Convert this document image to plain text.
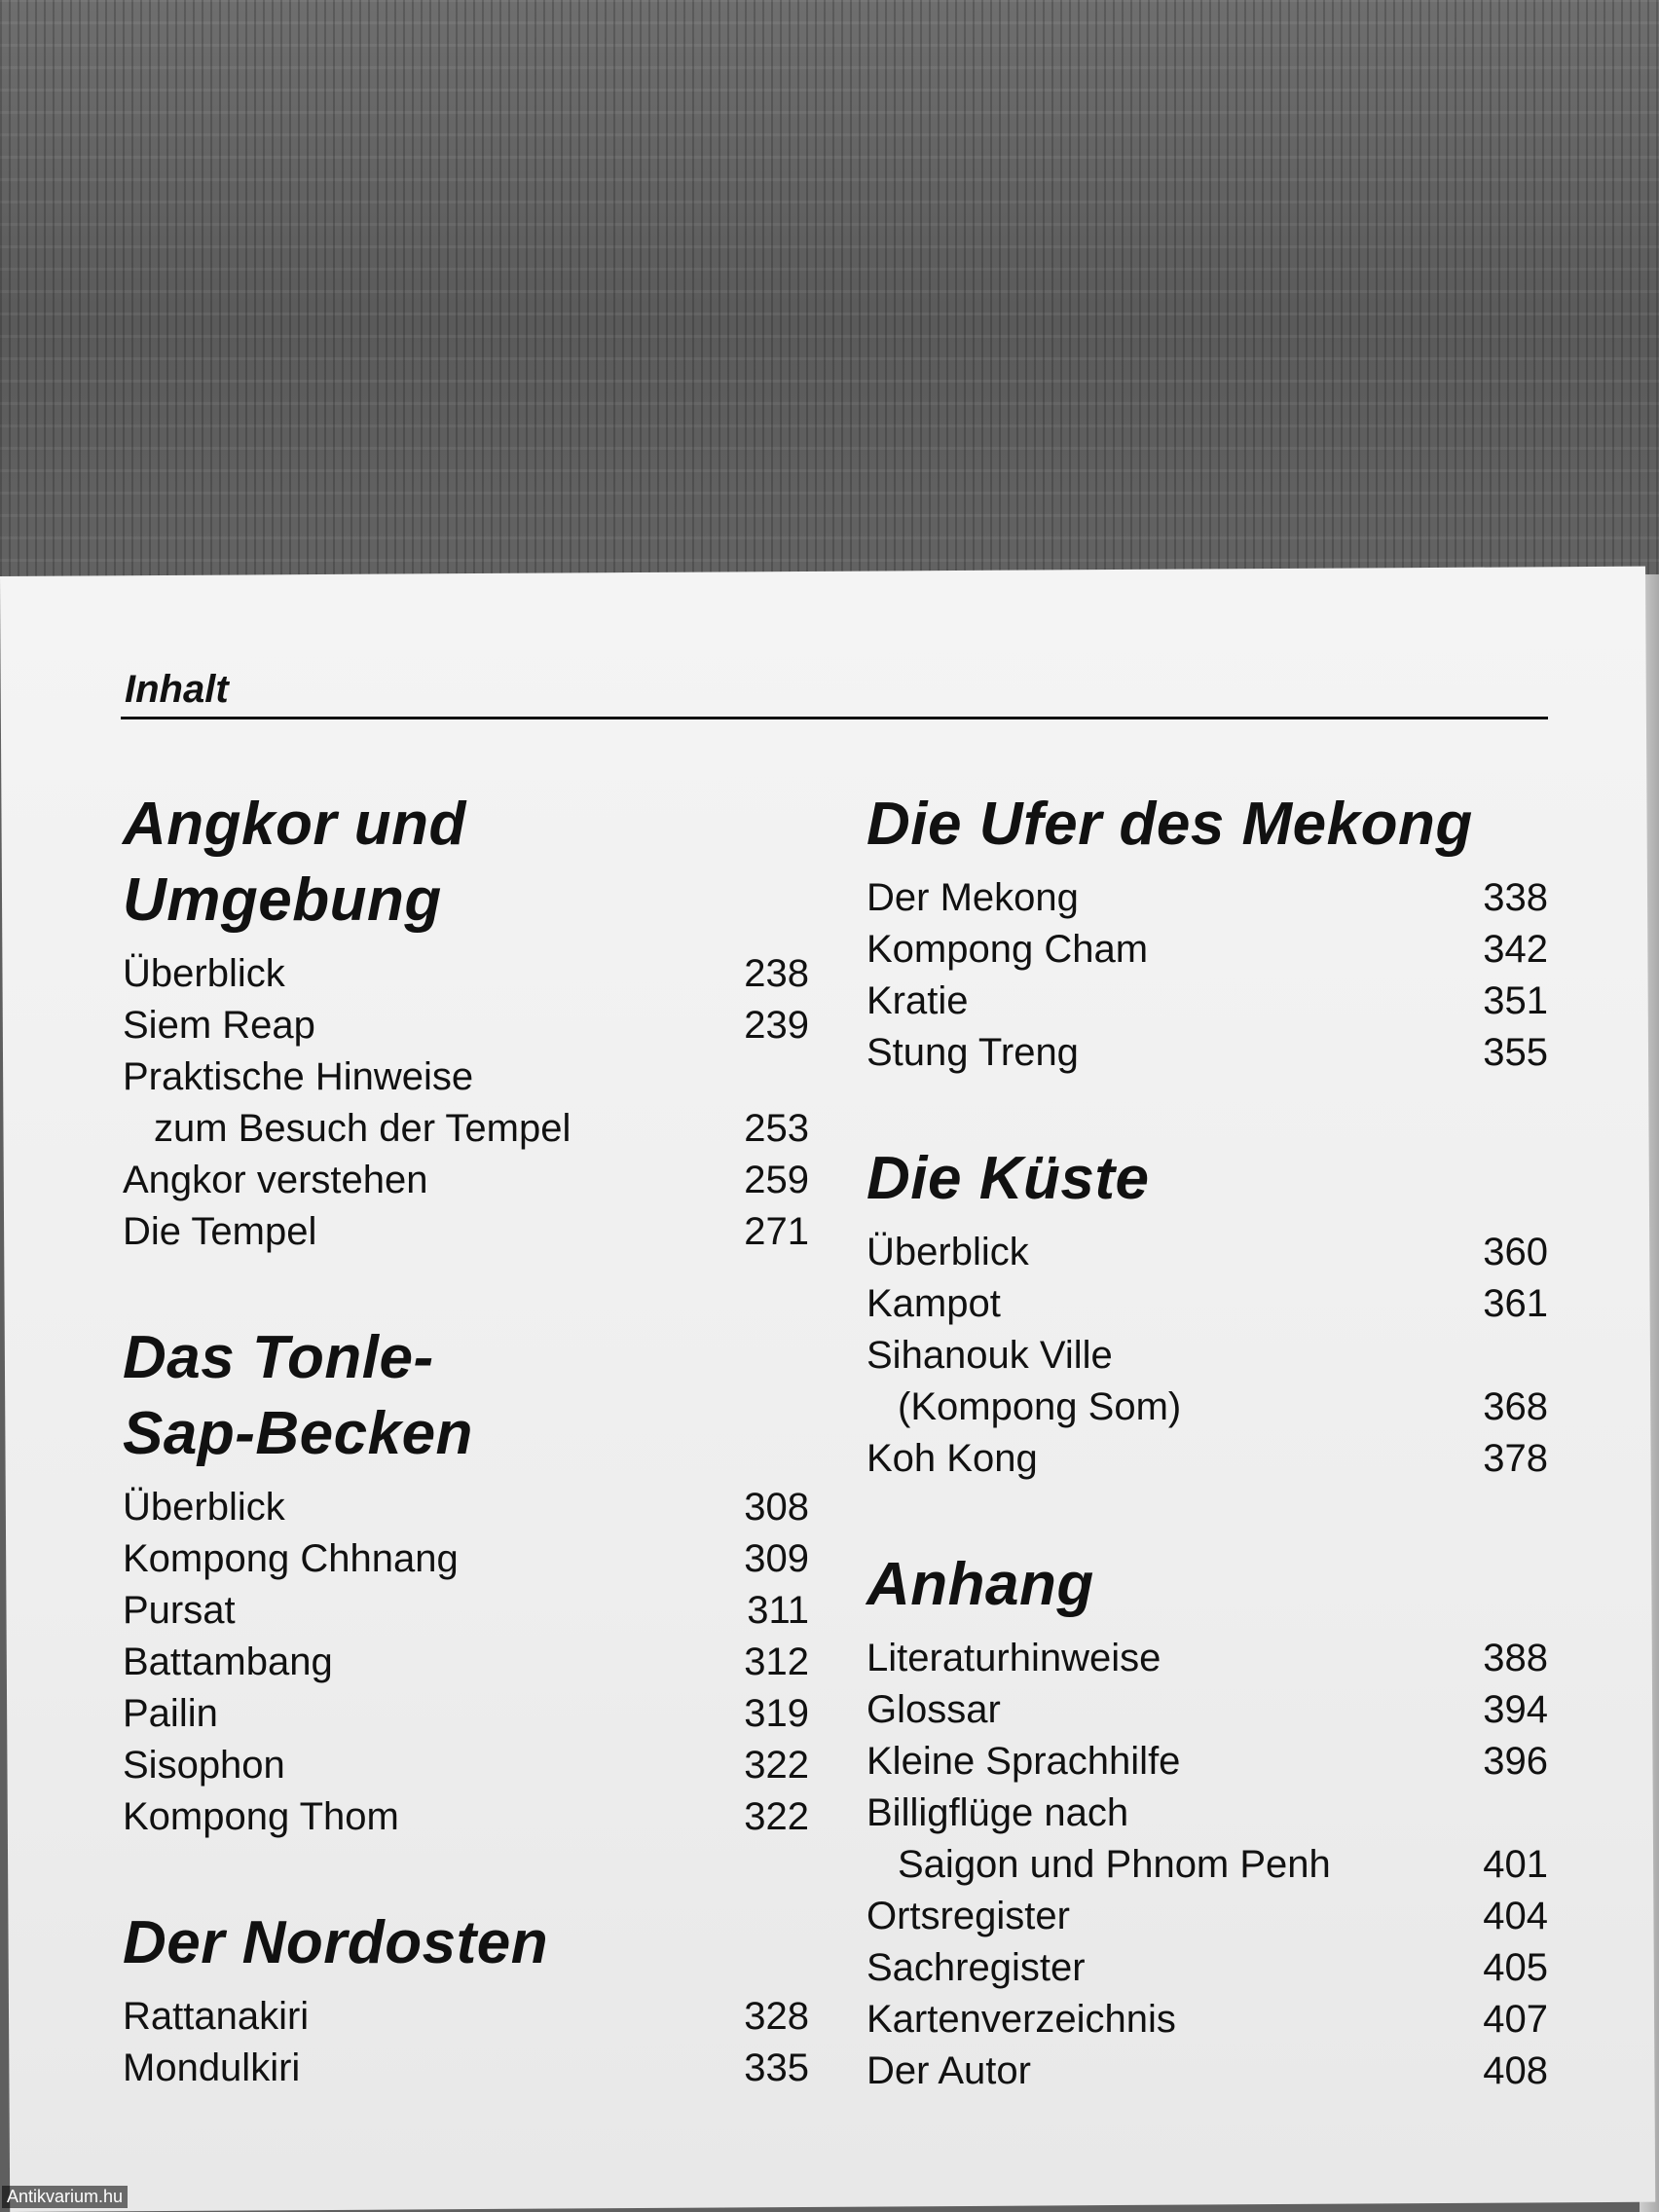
Inhalt
Angkor und
Umgebung
Überblick	238
Siem Reap	239
Praktische Hinweise
zum Besuch der Tempel	253
Angkor verstehen	259
Die Tempel	271
Das Tonle-
Sap-Becken
Überblick	308
Kompong Chhnang	309
Pursat	311
Battambang	312
Pailin	319
Sisophon	322
Kompong Thom	322
Der Nordosten
Rattanakiri	328
Mondulkiri	335
Die Ufer des Mekong
Der Mekong	338
Kompong Cham	342
Kratie	351
Stung Treng	355
Die Küste
Überblick	360
Kampot	361
Sihanouk Ville
(Kompong Som)	368
Koh Kong	378
Anhang
Literaturhinweise	388
Glossar	394
Kleine Sprachhilfe	396
Billigflüge nach
Saigon und Phnom Penh	401
Ortsregister	404
Sachregister	405
Kartenverzeichnis	407
Der Autor	408
Antikvarium.hu
